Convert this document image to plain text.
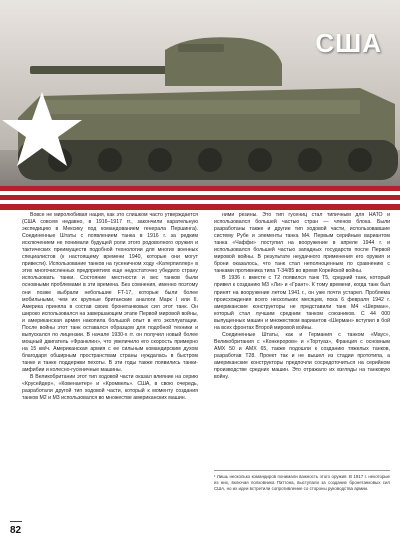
США

Вовсе не миролюбивая нация, как это слишком часто утверждается (США совсем недавно, в 1916–1917 гг., закончили карательную экспедицию в Мексику под командованием генерала Першинга). Соединенные Штаты с появлением танка в 1916 г. за редким исключением не понимали будущей роли этого родоволного оружия и тактических преимуществ подобной технологии для многих военных специалистов (к настоящему времени 1940, которые они могут привести). Использование танков на гусеничном ходу «Катерпиллер» в этих многочисленных предприятиях еще недостаточно убедило страну использовать танки. Состояние местности и вес танков были основными проблемами в эти времена. Без сомнения, именно поэтому они позже выбрали небольшие FT-17, которые были более мобильными, чем их крупные британские аналоги Марк I или II. Америка приняла в состав своих бронетанковых сил этот танк. Он широко использовался на завершающем этапе Первой мировой войны, и американская армия накопила большой опыт в его эксплуатации. После войны этот танк оставался образцом для подобной техники и выпускался по лицензии. В начале 1930-х гг. он получил новый более мощный двигатель «Франклин», что увеличило его скорость примерно на 15 км/ч. Американская армия с ее сильным командирским духом благодаря обширным пространствам страны нуждалась в быстром танке и танке поддержки пехоты. В эти годы также появились танки-амфибии и колесно-гусеничные машины.

В Великобритании этот тип ходовой части оказал влияние на серию «Крусейдер», «Ковенантер» и «Кромвель». США, в свою очередь, разработали другой тип ходовой части, который к моменту создания танков M2 и M3 использовался во множестве американских машин.

ними резины. Это тип гусениц стал типичным для НАТО и использовался большей частью стран — членов блока. Были разработаны также и другие тип ходовой части, использовавшие систему Рубе и элементы танка M4. Первым серийным вариантом танка «Чаффи» поступил на вооружение в апреле 1944 г. и использовался большей частью западных государств после Первой мировой войны. В результате неудачного применения его оружия и брони оказалось, что танк стал неполноценным по сравнению с танками противника типа T-34/85 во время Корейской войны.

В 1936 г. вместе с T2 появился танк T5, средний танк, который привел к созданию M3 «Ли» и «Грант». К тому времени, когда танк был принят на вооружение летом 1941 г., он уже почти устарел. Проблема происхождения всего нескольких месяцев, пока 6 февраля 1942 г. американские конструкторы не представили танк M4 «Шерман», который стал лучшим средним танком союзников. С 44 000 выпущенных машин и множеством вариантов «Шерман» вступил в бой на всех фронтах Второй мировой войны.

Соединенные Штаты, как и Германия с танком «Маус», Великобритания с «Конкерором» и «Тортуаз», Франция с основным AMX 50 и AMX 65, также подошли к созданию тяжелых танков, разработав T28. Проект так и не вышел из стадии прототипа, а американские конструкторы предпочли сосредоточиться на серийном производстве средних машин. Это отражало их взгляды на танковую войну.

¹ Лишь несколько командиров понимали важность этого оружия. В 1917 г. некоторые из них, включая полковника Паттона, выступали за создание бронетанковых сил США, но их идеи встретили сопротивление со стороны руководства армии.
82
